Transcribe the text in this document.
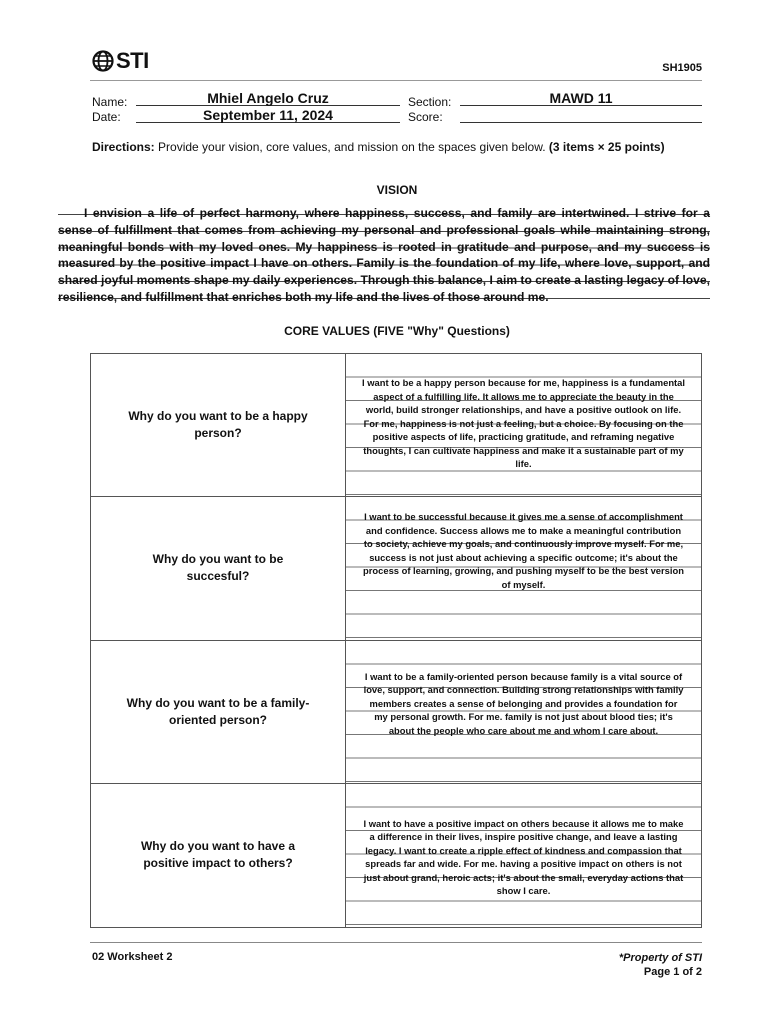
STI	SH1905
Name:	Mhiel Angelo Cruz
Date:	September 11, 2024
Section:	MAWD 11
Score:
Directions: Provide your vision, core values, and mission on the spaces given below. (3 items × 25 points)
VISION
I envision a life of perfect harmony, where happiness, success, and family are intertwined. I strive for a sense of fulfillment that comes from achieving my personal and professional goals while maintaining strong, meaningful bonds with my loved ones. My happiness is rooted in gratitude and purpose, and my success is measured by the positive impact I have on others. Family is the foundation of my life, where love, support, and shared joyful moments shape my daily experiences. Through this balance, I aim to create a lasting legacy of love, resilience, and fulfillment that enriches both my life and the lives of those around me.
CORE VALUES (FIVE "Why" Questions)
Why do you want to be a happy person?
I want to be a happy person because for me, happiness is a fundamental aspect of a fulfilling life. It allows me to appreciate the beauty in the world, build stronger relationships, and have a positive outlook on life. For me, happiness is not just a feeling, but a choice. By focusing on the positive aspects of life, practicing gratitude, and reframing negative thoughts, I can cultivate happiness and make it a sustainable part of my life.
Why do you want to be succesful?
I want to be successful because it gives me a sense of accomplishment and confidence. Success allows me to make a meaningful contribution to society, achieve my goals, and continuously improve myself. For me, success is not just about achieving a specific outcome; it's about the process of learning, growing, and pushing myself to be the best version of myself.
Why do you want to be a family-oriented person?
I want to be a family-oriented person because family is a vital source of love, support, and connection. Building strong relationships with family members creates a sense of belonging and provides a foundation for my personal growth. For me. family is not just about blood ties; it's about the people who care about me and whom I care about.
Why do you want to have a positive impact to others?
I want to have a positive impact on others because it allows me to make a difference in their lives, inspire positive change, and leave a lasting legacy. I want to create a ripple effect of kindness and compassion that spreads far and wide. For me. having a positive impact on others is not just about grand, heroic acts; it's about the small, everyday actions that show I care.
02 Worksheet 2	*Property of STI
Page 1 of 2
